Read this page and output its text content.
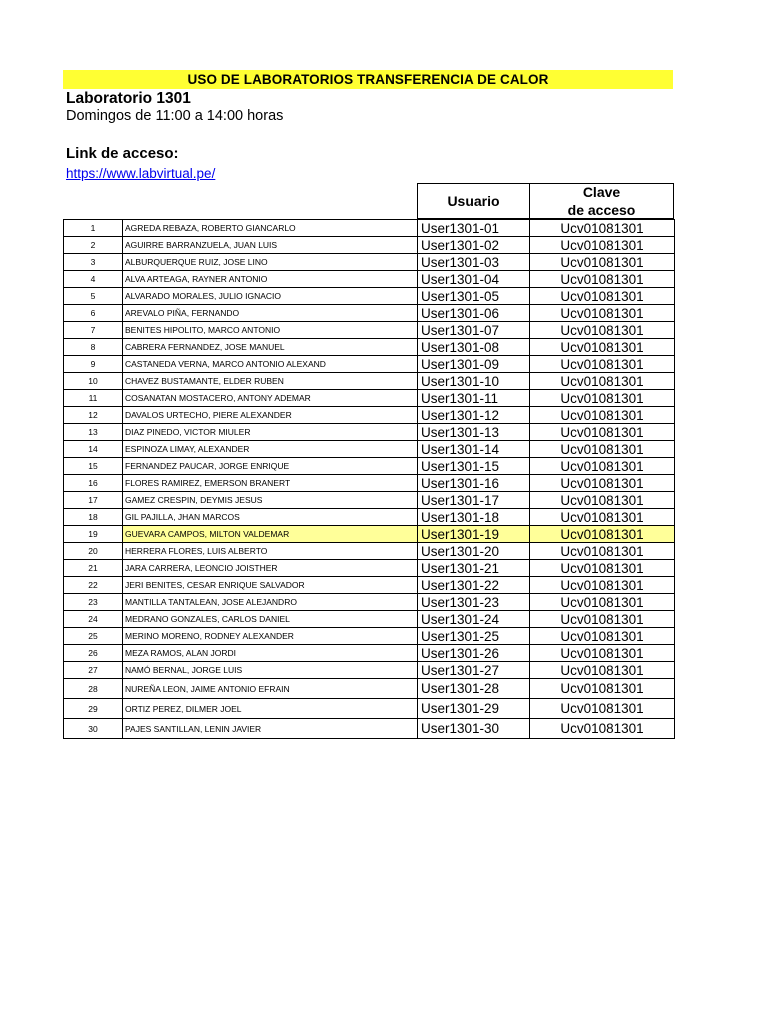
USO DE LABORATORIOS TRANSFERENCIA DE CALOR
Laboratorio 1301
Domingos de 11:00 a 14:00 horas
Link de acceso:
https://www.labvirtual.pe/
Usuario
Clave
de acceso
1	AGREDA REBAZA, ROBERTO GIANCARLO	User1301-01	Ucv01081301
2	AGUIRRE BARRANZUELA, JUAN LUIS	User1301-02	Ucv01081301
3	ALBURQUERQUE RUIZ, JOSE LINO	User1301-03	Ucv01081301
4	ALVA ARTEAGA, RAYNER ANTONIO	User1301-04	Ucv01081301
5	ALVARADO MORALES, JULIO IGNACIO	User1301-05	Ucv01081301
6	AREVALO PIÑA, FERNANDO	User1301-06	Ucv01081301
7	BENITES HIPOLITO, MARCO ANTONIO	User1301-07	Ucv01081301
8	CABRERA FERNANDEZ, JOSE MANUEL	User1301-08	Ucv01081301
9	CASTANEDA VERNA, MARCO ANTONIO ALEXAND	User1301-09	Ucv01081301
10	CHAVEZ BUSTAMANTE, ELDER RUBEN	User1301-10	Ucv01081301
11	COSANATAN MOSTACERO, ANTONY ADEMAR	User1301-11	Ucv01081301
12	DAVALOS URTECHO, PIERE ALEXANDER	User1301-12	Ucv01081301
13	DIAZ PINEDO, VICTOR MIULER	User1301-13	Ucv01081301
14	ESPINOZA LIMAY, ALEXANDER	User1301-14	Ucv01081301
15	FERNANDEZ PAUCAR, JORGE ENRIQUE	User1301-15	Ucv01081301
16	FLORES RAMIREZ, EMERSON BRANERT	User1301-16	Ucv01081301
17	GAMEZ CRESPIN, DEYMIS JESUS	User1301-17	Ucv01081301
18	GIL PAJILLA, JHAN MARCOS	User1301-18	Ucv01081301
19	GUEVARA CAMPOS, MILTON VALDEMAR	User1301-19	Ucv01081301
20	HERRERA FLORES, LUIS ALBERTO	User1301-20	Ucv01081301
21	JARA CARRERA, LEONCIO JOISTHER	User1301-21	Ucv01081301
22	JERI BENITES, CESAR ENRIQUE SALVADOR	User1301-22	Ucv01081301
23	MANTILLA TANTALEAN, JOSE ALEJANDRO	User1301-23	Ucv01081301
24	MEDRANO GONZALES, CARLOS DANIEL	User1301-24	Ucv01081301
25	MERINO MORENO, RODNEY ALEXANDER	User1301-25	Ucv01081301
26	MEZA RAMOS, ALAN JORDI	User1301-26	Ucv01081301
27	NAMÓ BERNAL, JORGE LUIS	User1301-27	Ucv01081301
28	NUREÑA LEON, JAIME ANTONIO EFRAIN	User1301-28	Ucv01081301
29	ORTIZ PEREZ, DILMER JOEL	User1301-29	Ucv01081301
30	PAJES SANTILLAN, LENIN JAVIER	User1301-30	Ucv01081301
